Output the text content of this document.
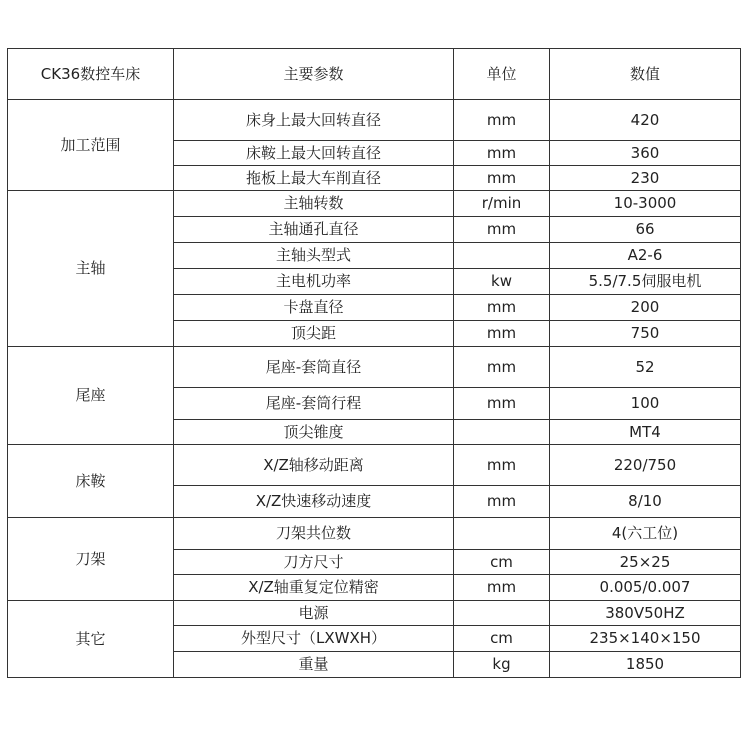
CK36数控车床	主要参数	单位	数值
加工范围	床身上最大回转直径	mm	420
	床鞍上最大回转直径	mm	360
	拖板上最大车削直径	mm	230
主轴	主轴转数	r/min	10-3000
	主轴通孔直径	mm	66
	主轴头型式		A2-6
	主电机功率	kw	5.5/7.5伺服电机
	卡盘直径	mm	200
	顶尖距	mm	750
尾座	尾座-套筒直径	mm	52
	尾座-套筒行程	mm	100
	顶尖锥度		MT4
床鞍	X/Z轴移动距离	mm	220/750
	X/Z快速移动速度	mm	8/10
刀架	刀架共位数		4(六工位)
	刀方尺寸	cm	25×25
	X/Z轴重复定位精密	mm	0.005/0.007
其它	电源		380V50HZ
	外型尺寸（LXWXH）	cm	235×140×150
	重量	kg	1850
